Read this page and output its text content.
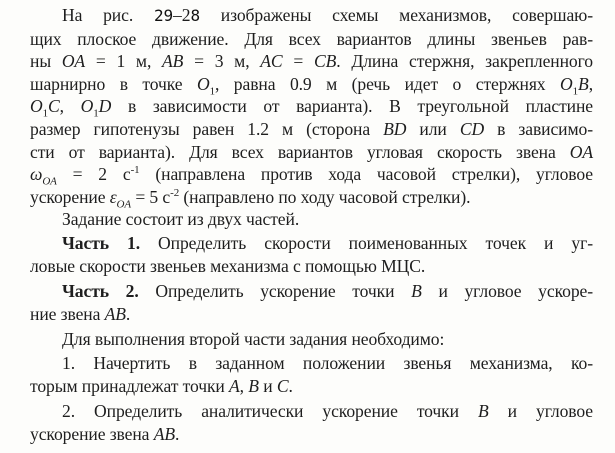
На рис. 29–28 изображены схемы механизмов, совершаю-
щих плоское движение. Для всех вариантов длины звеньев рав-
ны OA = 1 м, AB = 3 м, AC = CB. Длина стержня, закрепленного
шарнирно в точке $O_1$, равна 0.9 м (речь идет о стержнях $O_1B$,
$O_1C$, $O_1D$ в зависимости от варианта). В треугольной пластине
размер гипотенузы равен 1.2 м (сторона BD или CD в зависимо-
сти от варианта). Для всех вариантов угловая скорость звена OA
$\omega_{OA} = 2$ $с^{-1}$ (направлена против хода часовой стрелки), угловое
ускорение $\varepsilon_{OA} = 5$ $с^{-2}$ (направлено по ходу часовой стрелки).
Задание состоит из двух частей.
Часть 1. Определить скорости поименованных точек и уг-
ловые скорости звеньев механизма с помощью МЦС.
Часть 2. Определить ускорение точки B и угловое ускоре-
ние звена AB.
Для выполнения второй части задания необходимо:
1. Начертить в заданном положении звенья механизма, ко-
торым принадлежат точки A, B и C.
2. Определить аналитически ускорение точки B и угловое
ускорение звена AB.
